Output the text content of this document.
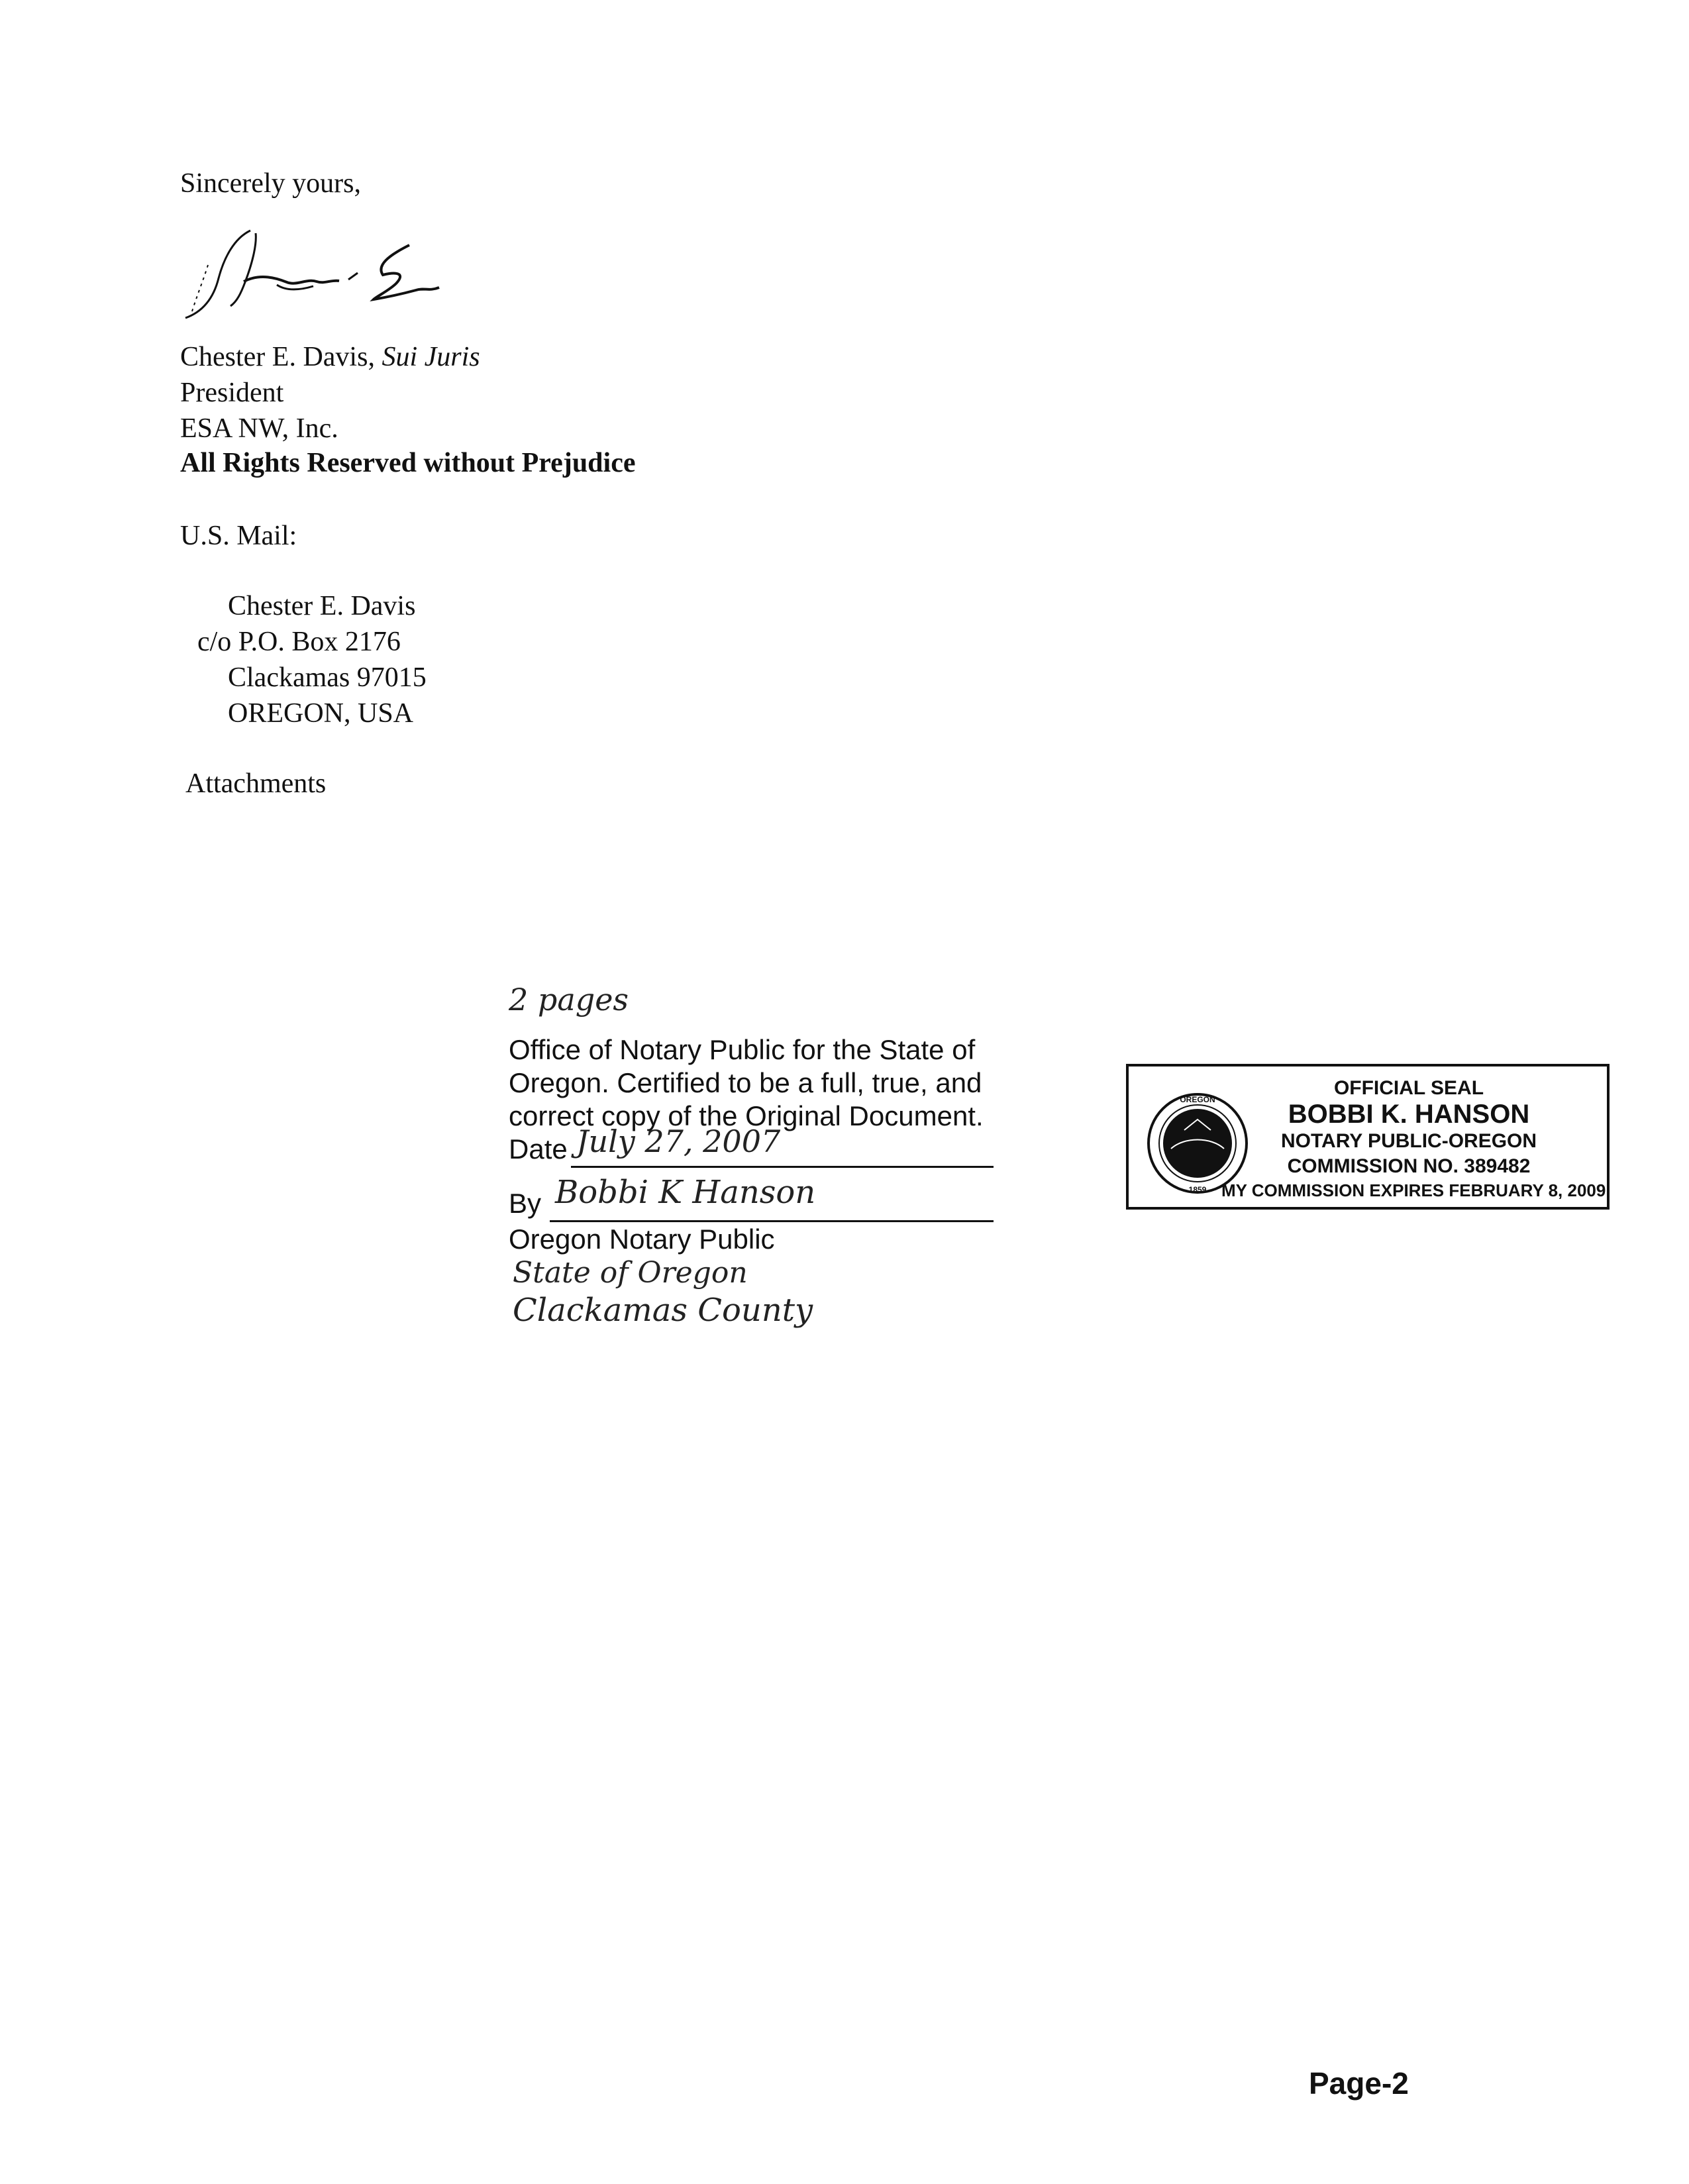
Sincerely yours,
Chester E. Davis, Sui Juris
President
ESA NW, Inc.
All Rights Reserved without Prejudice
U.S. Mail:
Chester E. Davis
c/o P.O. Box 2176
Clackamas 97015
OREGON, USA
Attachments
2 pages
Office of Notary Public for the State of
Oregon. Certified to be a full, true, and
correct copy of the Original Document.
Date July 27, 2007
By Bobbi K Hanson
Oregon Notary Public
State of Oregon
Clackamas County
OREGON
1859
OFFICIAL SEAL
BOBBI K. HANSON
NOTARY PUBLIC-OREGON
COMMISSION NO. 389482
MY COMMISSION EXPIRES FEBRUARY 8, 2009
Page-2
